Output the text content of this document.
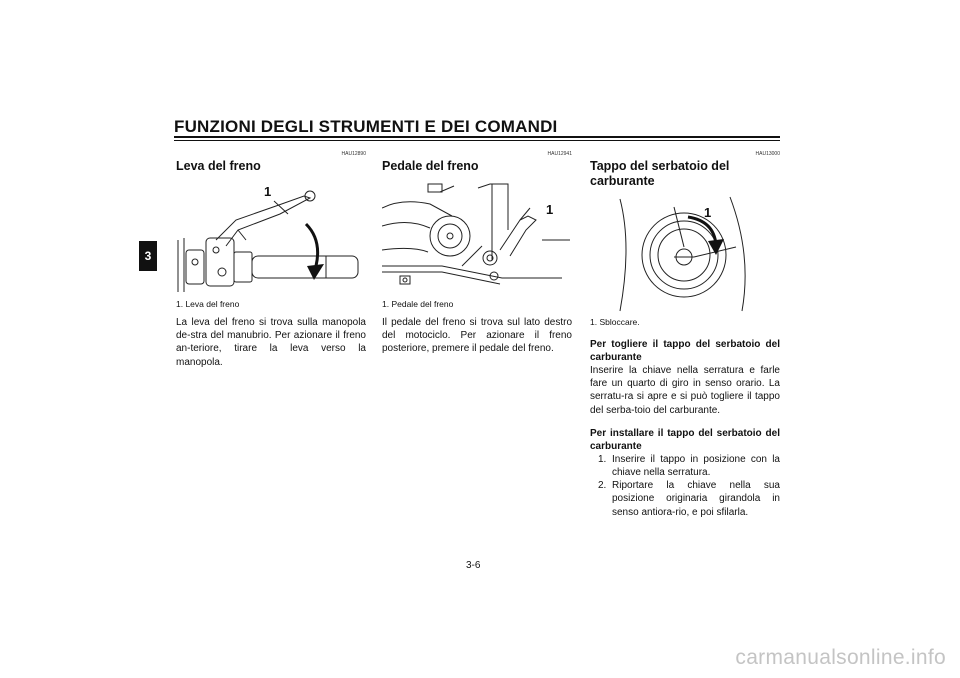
FUNZIONI DEGLI STRUMENTI E DEI COMANDI
3
HAU12890
Leva del freno
1
1. Leva del freno
La leva del freno si trova sulla manopola de-stra del manubrio. Per azionare il freno an-teriore, tirare la leva verso la manopola.
HAU12941
Pedale del freno
1
1. Pedale del freno
Il pedale del freno si trova sul lato destro del motociclo. Per azionare il freno posteriore, premere il pedale del freno.
HAU13000
Tappo del serbatoio del carburante
1
1. Sbloccare.
Per togliere il tappo del serbatoio del carburante
Inserire la chiave nella serratura e farle fare un quarto di giro in senso orario. La serratu-ra si apre e si può togliere il tappo del serba-toio del carburante.
Per installare il tappo del serbatoio del carburante
1. Inserire il tappo in posizione con la chiave nella serratura.
2. Riportare la chiave nella sua posizione originaria girandola in senso antiora-rio, e poi sfilarla.
3-6
carmanualsonline.info
